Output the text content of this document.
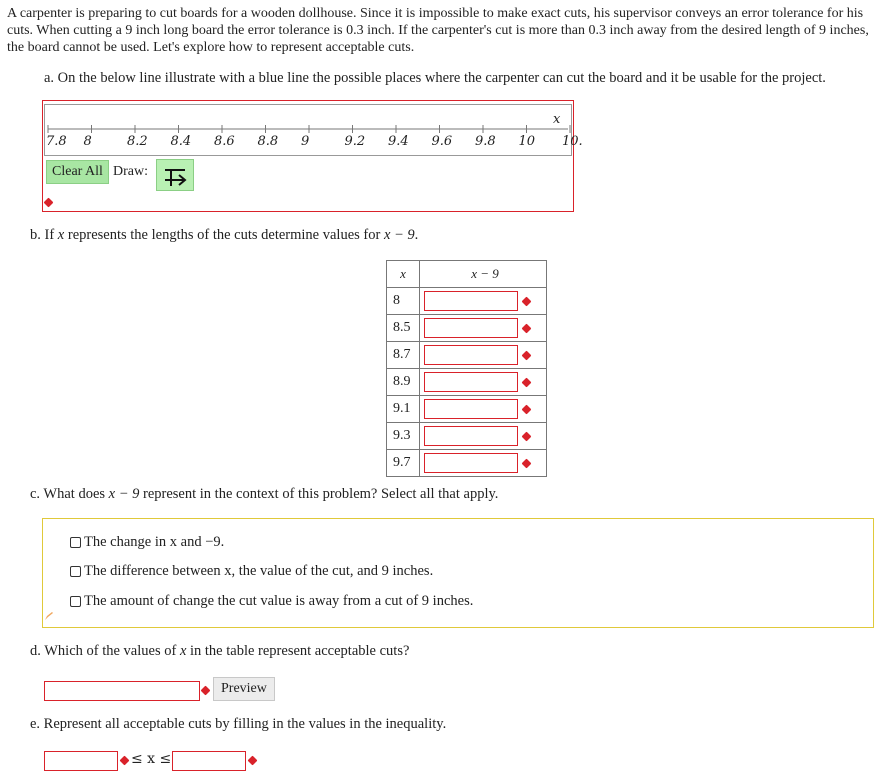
A carpenter is preparing to cut boards for a wooden dollhouse. Since it is impossible to make exact cuts, his supervisor conveys an error tolerance for his cuts. When cutting a 9 inch long board the error tolerance is 0.3 inch. If the carpenter's cut is more than 0.3 inch away from the desired length of 9 inches, the board cannot be used. Let's explore how to represent acceptable cuts.
a. On the below line illustrate with a blue line the possible places where the carpenter can cut the board and it be usable for the project.
x
7.8 8	8.2 8.4 8.6 8.8 9	9.2 9.4 9.6 9.8 10 10.
Clear All Draw:
b. If x represents the lengths of the cuts determine values for x − 9.
x	x − 9
8	

8.5	

8.7	

8.9	

9.1	

9.3	

9.7	
c. What does x − 9 represent in the context of this problem? Select all that apply.
The change in x and −9.
The difference between x, the value of the cut, and 9 inches.
The amount of change the cut value is away from a cut of 9 inches.
d. Which of the values of x in the table represent acceptable cuts?
Preview
e. Represent all acceptable cuts by filling in the values in the inequality.
≤ x ≤
